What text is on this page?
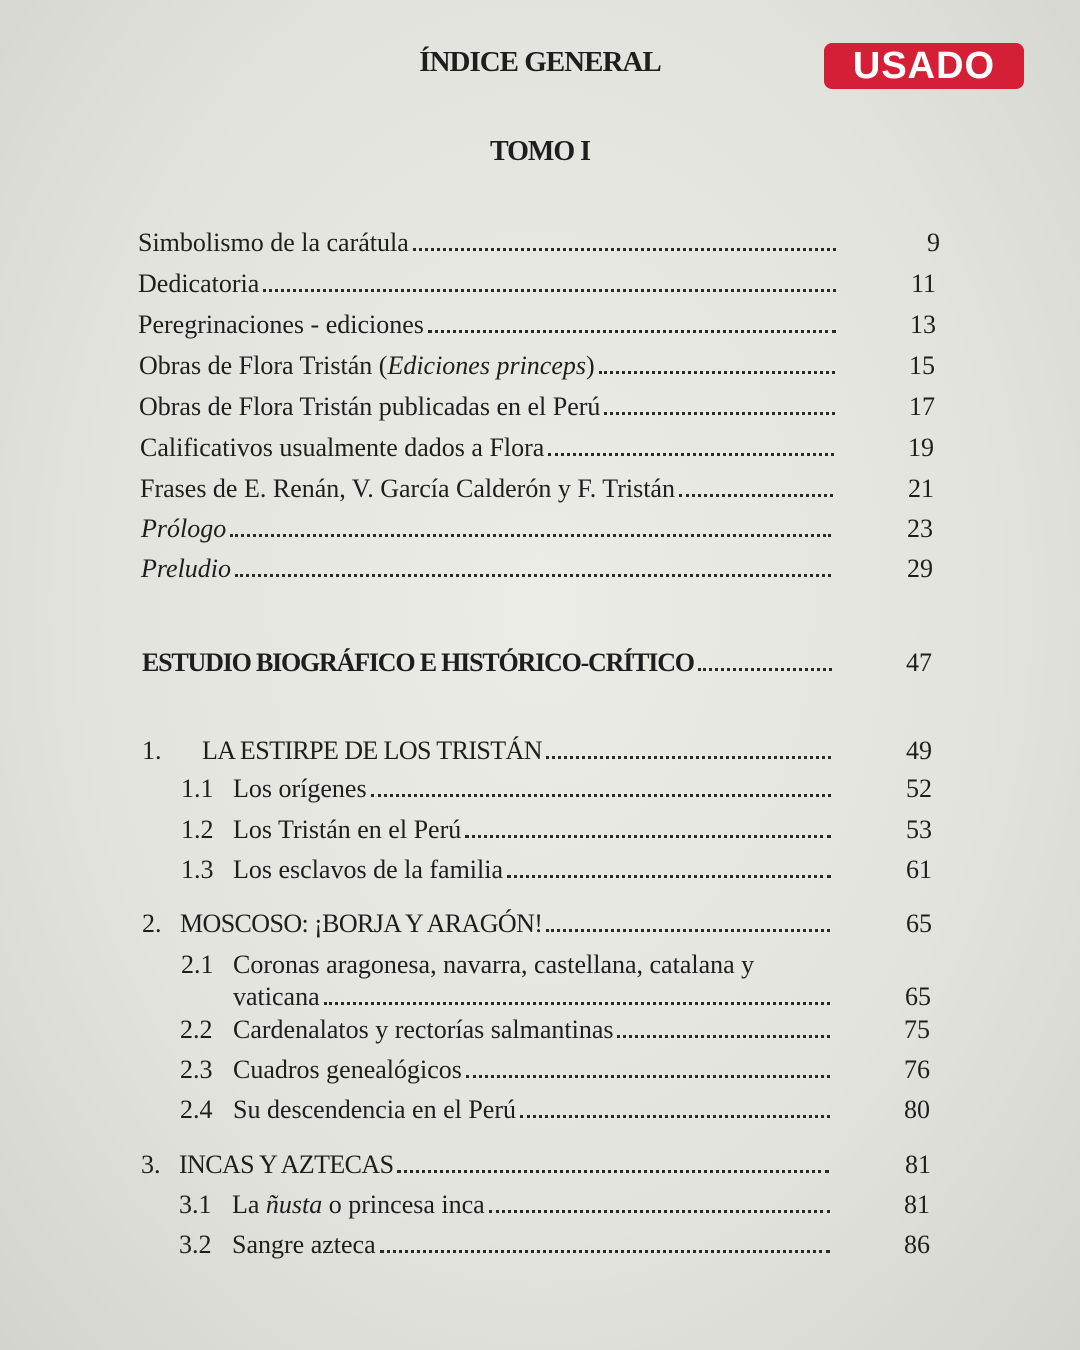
ÍNDICE GENERAL	USADO
TOMO I
Simbolismo de la carátula	9
Dedicatoria	11
Peregrinaciones - ediciones	13
Obras de Flora Tristán (Ediciones princeps)	15
Obras de Flora Tristán publicadas en el Perú	17
Calificativos usualmente dados a Flora	19
Frases de E. Renán, V. García Calderón y F. Tristán	21
Prólogo	23
Preludio	29
ESTUDIO BIOGRÁFICO E HISTÓRICO-CRÍTICO	47
1. LA ESTIRPE DE LOS TRISTÁN	49
1.1 Los orígenes	52
1.2 Los Tristán en el Perú	53
1.3 Los esclavos de la familia	61
2. MOSCOSO: ¡BORJA Y ARAGÓN!	65
2.1 Coronas aragonesa, navarra, castellana, catalana y
vaticana	65
2.2 Cardenalatos y rectorías salmantinas	75
2.3 Cuadros genealógicos	76
2.4 Su descendencia en el Perú	80
3. INCAS Y AZTECAS	81
3.1 La ñusta o princesa inca	81
3.2 Sangre azteca	86
